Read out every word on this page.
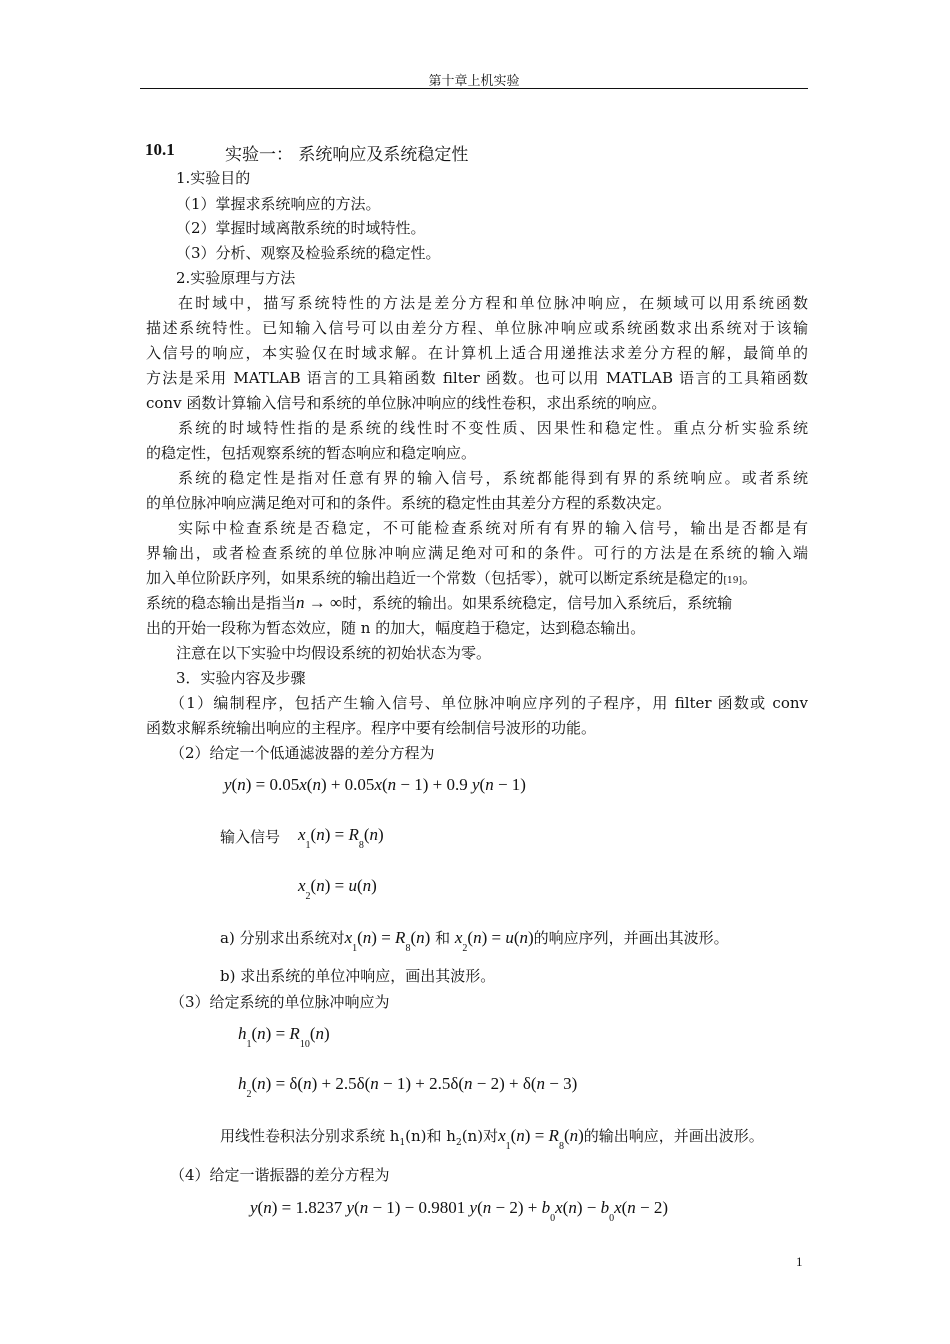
第十章上机实验
10.1	实验一： 系统响应及系统稳定性
1.实验目的
（1）掌握求系统响应的方法。
（2）掌握时域离散系统的时域特性。
（3）分析、观察及检验系统的稳定性。
2.实验原理与方法
在时域中，描写系统特性的方法是差分方程和单位脉冲响应，在频域可以用系统函数
描述系统特性。已知输入信号可以由差分方程、单位脉冲响应或系统函数求出系统对于该输
入信号的响应，本实验仅在时域求解。在计算机上适合用递推法求差分方程的解，最简单的
方法是采用 MATLAB 语言的工具箱函数 filter 函数。也可以用 MATLAB 语言的工具箱函数
conv 函数计算输入信号和系统的单位脉冲响应的线性卷积，求出系统的响应。
系统的时域特性指的是系统的线性时不变性质、因果性和稳定性。重点分析实验系统
的稳定性，包括观察系统的暂态响应和稳定响应。
系统的稳定性是指对任意有界的输入信号，系统都能得到有界的系统响应。或者系统
的单位脉冲响应满足绝对可和的条件。系统的稳定性由其差分方程的系数决定。
实际中检查系统是否稳定，不可能检查系统对所有有界的输入信号，输出是否都是有
界输出，或者检查系统的单位脉冲响应满足绝对可和的条件。可行的方法是在系统的输入端
加入单位阶跃序列，如果系统的输出趋近一个常数（包括零），就可以断定系统是稳定的[19]。
系统的稳态输出是指当n → ∞时，系统的输出。如果系统稳定，信号加入系统后，系统输
出的开始一段称为暂态效应，随 n 的加大，幅度趋于稳定，达到稳态输出。
注意在以下实验中均假设系统的初始状态为零。
3．实验内容及步骤
（1）编制程序，包括产生输入信号、单位脉冲响应序列的子程序，用 filter 函数或 conv
函数求解系统输出响应的主程序。程序中要有绘制信号波形的功能。
（2）给定一个低通滤波器的差分方程为
y(n) = 0.05x(n) + 0.05x(n − 1) + 0.9 y(n − 1)
输入信号 $x_1(n) = R_8(n)$
$x_2(n) = u(n)$
a) 分别求出系统对$x_1(n) = R_8(n)$ 和 $x_2(n) = u(n)$的响应序列，并画出其波形。
b) 求出系统的单位冲响应，画出其波形。
（3）给定系统的单位脉冲响应为
$h_1(n) = R_{10}(n)$
$h_2(n) = \delta(n) + 2.5\delta(n - 1) + 2.5\delta(n - 2) + \delta(n - 3)$
用线性卷积法分别求系统 $h_1(n)$和 $h_2(n)$对$x_1(n) = R_8(n)$的输出响应，并画出波形。
（4）给定一谐振器的差分方程为
y(n) = 1.8237 y(n − 1) − 0.9801 $y(n - 2) + b_0x(n) - b_0x(n - 2)$
1
